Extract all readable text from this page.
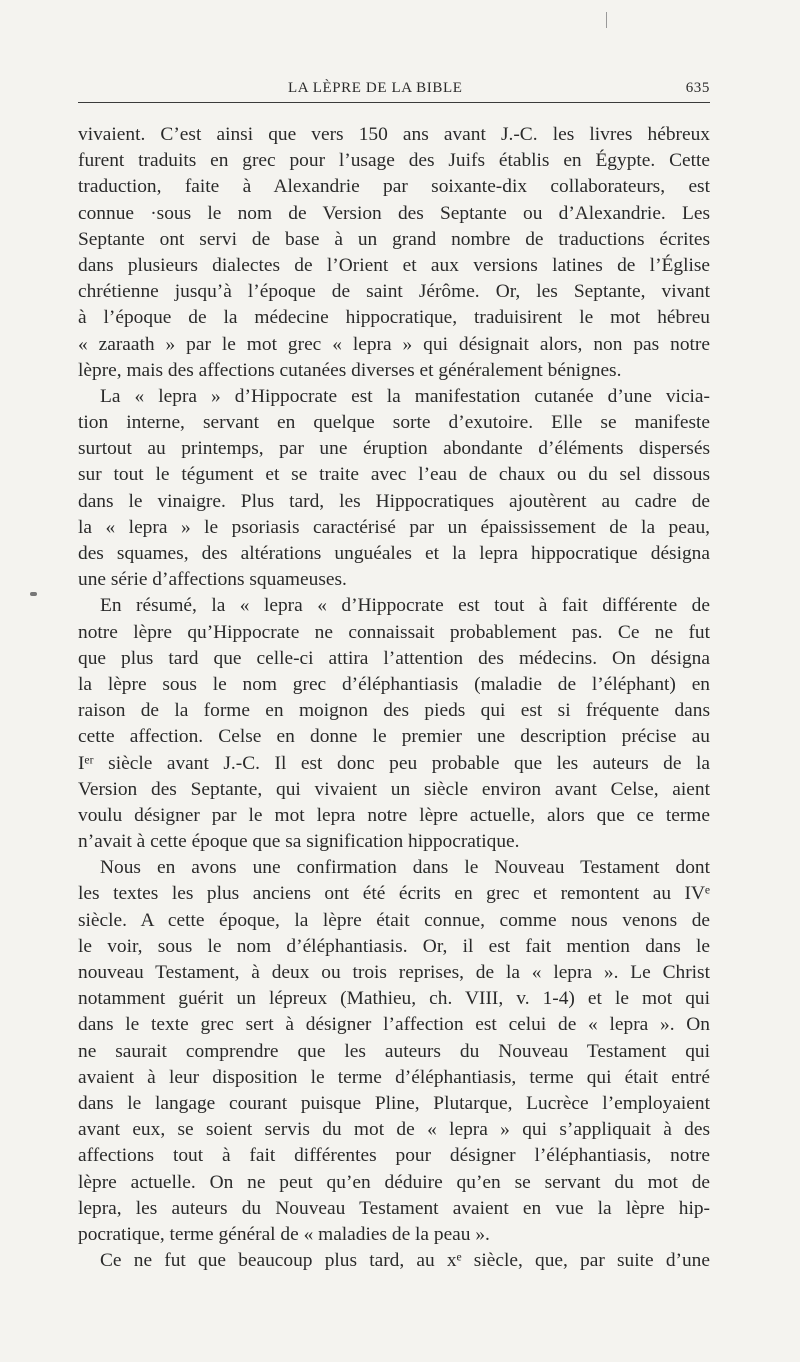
LA LÈPRE DE LA BIBLE	635
vivaient. C’est ainsi que vers 150 ans avant J.-C. les livres hébreux
furent traduits en grec pour l’usage des Juifs établis en Égypte. Cette
traduction, faite à Alexandrie par soixante-dix collaborateurs, est
connue ·sous le nom de Version des Septante ou d’Alexandrie. Les
Septante ont servi de base à un grand nombre de traductions écrites
dans plusieurs dialectes de l’Orient et aux versions latines de l’Église
chrétienne jusqu’à l’époque de saint Jérôme. Or, les Septante, vivant
à l’époque de la médecine hippocratique, traduisirent le mot hébreu
« zaraath » par le mot grec « lepra » qui désignait alors, non pas notre
lèpre, mais des affections cutanées diverses et généralement bénignes.
La « lepra » d’Hippocrate est la manifestation cutanée d’une vicia-
tion interne, servant en quelque sorte d’exutoire. Elle se manifeste
surtout au printemps, par une éruption abondante d’éléments dispersés
sur tout le tégument et se traite avec l’eau de chaux ou du sel dissous
dans le vinaigre. Plus tard, les Hippocratiques ajoutèrent au cadre de
la « lepra » le psoriasis caractérisé par un épaississement de la peau,
des squames, des altérations unguéales et la lepra hippocratique désigna
une série d’affections squameuses.
En résumé, la « lepra « d’Hippocrate est tout à fait différente de
notre lèpre qu’Hippocrate ne connaissait probablement pas. Ce ne fut
que plus tard que celle-ci attira l’attention des médecins. On désigna
la lèpre sous le nom grec d’éléphantiasis (maladie de l’éléphant) en
raison de la forme en moignon des pieds qui est si fréquente dans
cette affection. Celse en donne le premier une description précise au
Iᵉʳ siècle avant J.-C. Il est donc peu probable que les auteurs de la
Version des Septante, qui vivaient un siècle environ avant Celse, aient
voulu désigner par le mot lepra notre lèpre actuelle, alors que ce terme
n’avait à cette époque que sa signification hippocratique.
Nous en avons une confirmation dans le Nouveau Testament dont
les textes les plus anciens ont été écrits en grec et remontent au IVᵉ
siècle. A cette époque, la lèpre était connue, comme nous venons de
le voir, sous le nom d’éléphantiasis. Or, il est fait mention dans le
nouveau Testament, à deux ou trois reprises, de la « lepra ». Le Christ
notamment guérit un lépreux (Mathieu, ch. VIII, v. 1-4) et le mot qui
dans le texte grec sert à désigner l’affection est celui de « lepra ». On
ne saurait comprendre que les auteurs du Nouveau Testament qui
avaient à leur disposition le terme d’éléphantiasis, terme qui était entré
dans le langage courant puisque Pline, Plutarque, Lucrèce l’employaient
avant eux, se soient servis du mot de « lepra » qui s’appliquait à des
affections tout à fait différentes pour désigner l’éléphantiasis, notre
lèpre actuelle. On ne peut qu’en déduire qu’en se servant du mot de
lepra, les auteurs du Nouveau Testament avaient en vue la lèpre hip-
pocratique, terme général de « maladies de la peau ».
Ce ne fut que beaucoup plus tard, au xᵉ siècle, que, par suite d’une
